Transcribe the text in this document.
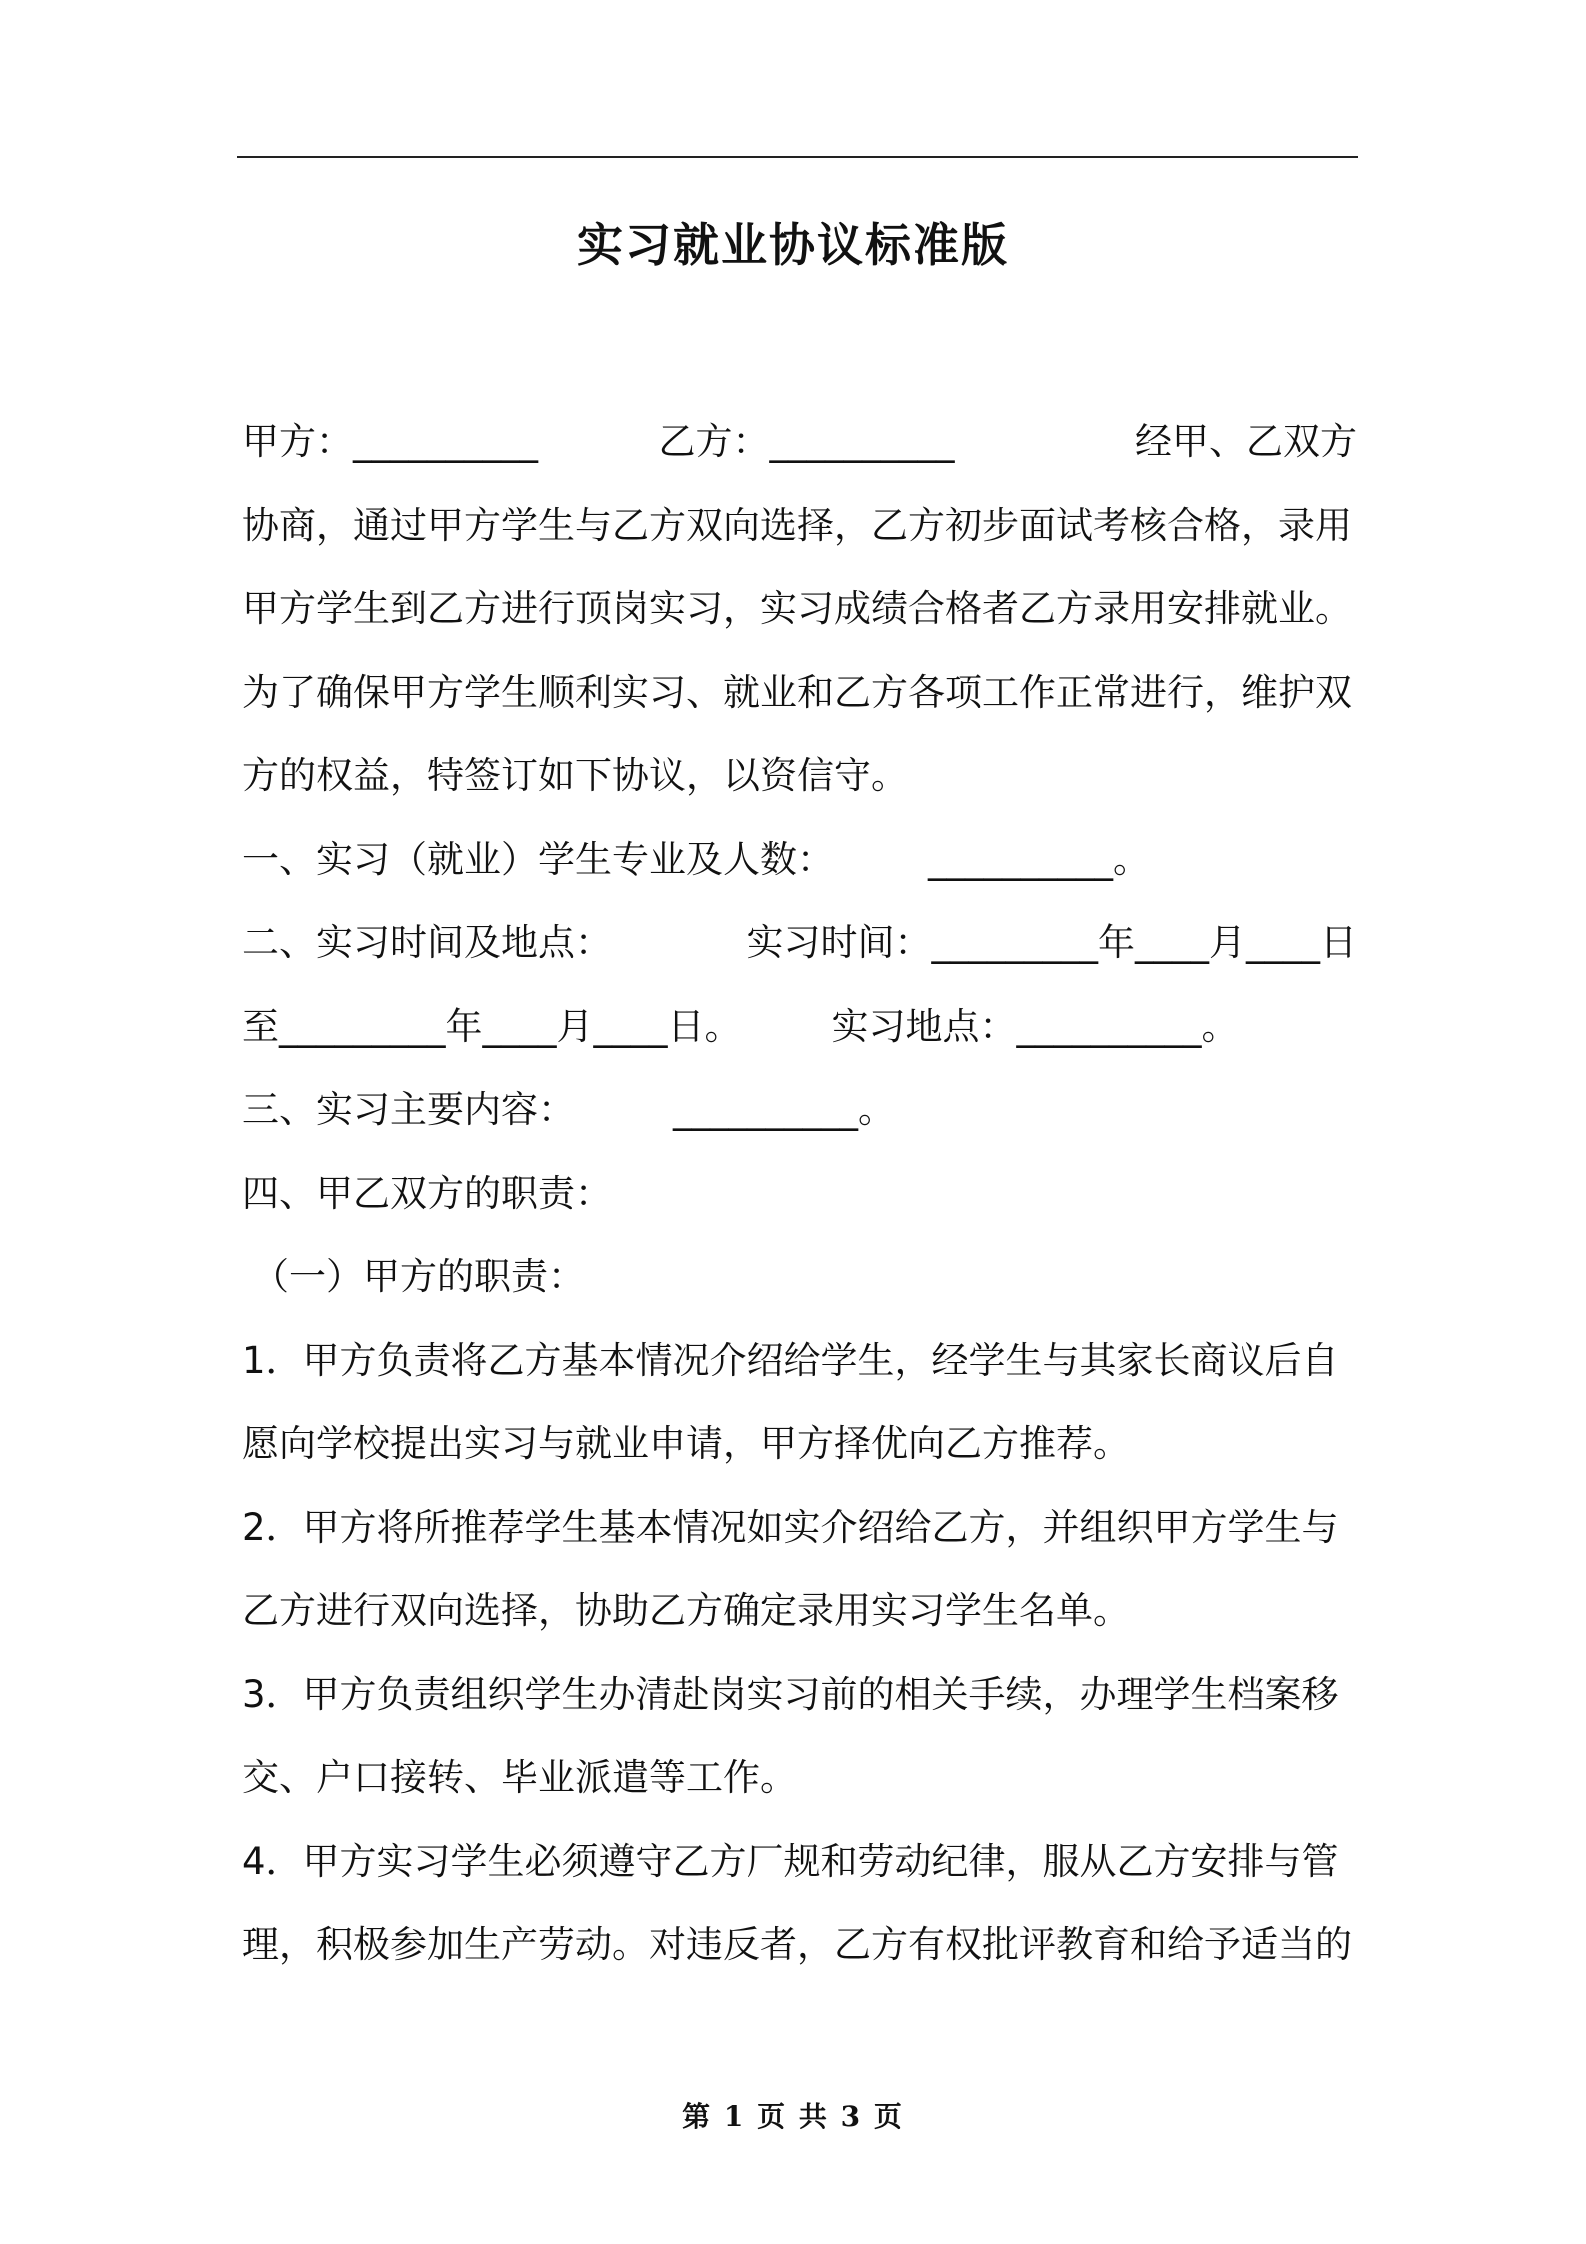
实习就业协议标准版
甲方：__________	乙方：__________	经甲、乙双方
协商，通过甲方学生与乙方双向选择，乙方初步面试考核合格，录用
甲方学生到乙方进行顶岗实习，实习成绩合格者乙方录用安排就业。
为了确保甲方学生顺利实习、就业和乙方各项工作正常进行，维护双
方的权益，特签订如下协议，以资信守。
一、实习（就业）学生专业及人数：	__________。
二、实习时间及地点：	实习时间：_________年____月____日
至_________年____月____日。 实习地点：__________。
三、实习主要内容：	__________。
四、甲乙双方的职责：
（一）甲方的职责：
1．甲方负责将乙方基本情况介绍给学生，经学生与其家长商议后自
愿向学校提出实习与就业申请，甲方择优向乙方推荐。
2．甲方将所推荐学生基本情况如实介绍给乙方，并组织甲方学生与
乙方进行双向选择，协助乙方确定录用实习学生名单。
3．甲方负责组织学生办清赴岗实习前的相关手续，办理学生档案移
交、户口接转、毕业派遣等工作。
4．甲方实习学生必须遵守乙方厂规和劳动纪律，服从乙方安排与管
理，积极参加生产劳动。对违反者，乙方有权批评教育和给予适当的
第 1 页 共 3 页
